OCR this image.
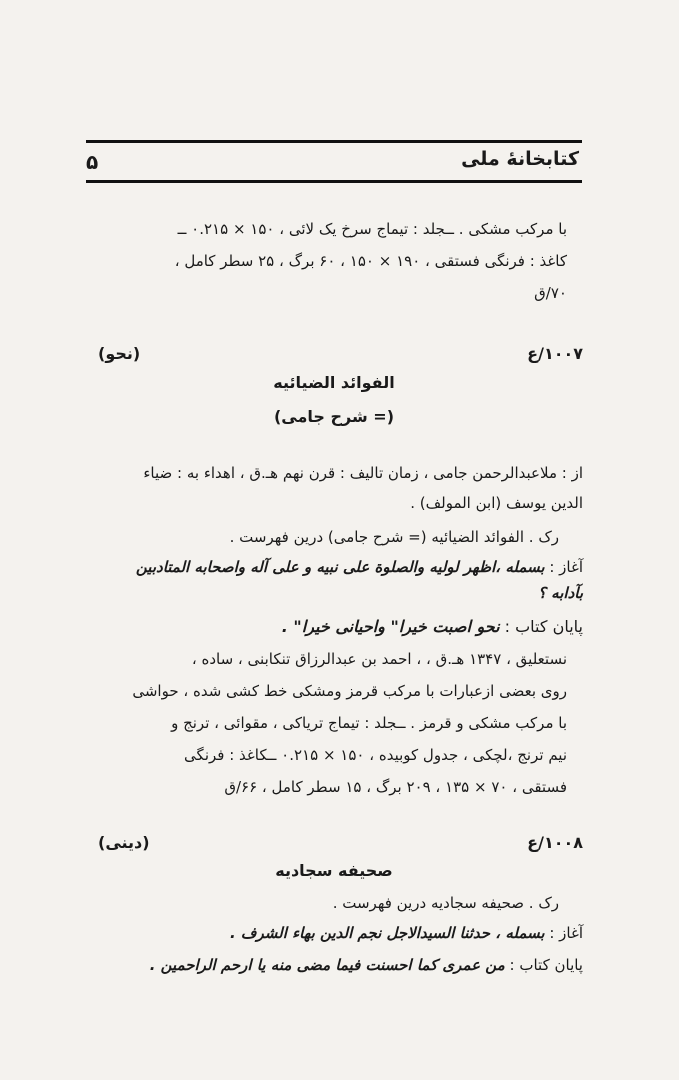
کتابخانهٔ ملی
۵
با مرکب مشکی . ــجلد : تیماج سرخ یک لائی ، ۱۵۰ × ۰.۲۱۵ ــ
کاغذ : فرنگی فستقی ، ۱۹۰ × ۱۵۰ ، ۶۰ برگ ، ۲۵ سطر کامل ،
۷۰/ق
۱۰۰۷/ع
(نحو)
الفوائد الضیائیه
(= شرح جامی)
از : ملاعبدالرحمن جامی ، زمان تالیف : قرن نهم هـ.ق ، اهداء به : ضیاء
الدین یوسف (ابن المولف) .
رک . الفوائد الضیائیه (= شرح جامی) درین فهرست .
آغاز : بسمله ،اظهر لولیه والصلوة علی نبیه و علی آله واصحابه المتادبین
بآدابه ؟
پایان کتاب : نحو اصبت خیرا" واحیانی خیرا" .
نستعلیق ، ۱۳۴۷ هـ.ق ، ، احمد بن عبدالرزاق تنکابنی ، ساده ،
روی بعضی ازعبارات با مرکب قرمز ومشکی خط کشی شده ، حواشی
با مرکب مشکی و قرمز . ــجلد : تیماج تریاکی ، مقوائی ، ترنج و
نیم ترنج ،لچکی ، جدول کوبیده ، ۱۵۰ × ۰.۲۱۵ ــکاغذ : فرنگی
فستقی ، ۷۰ × ۱۳۵ ، ۲۰۹ برگ ، ۱۵ سطر کامل ، ۶۶/ق
۱۰۰۸/ع
(دینی)
صحیفه سجادیه
رک . صحیفه سجادیه درین فهرست .
آغاز : بسمله ، حدثنا السیدالاجل نجم الدین بهاء الشرف .
پایان کتاب : من عمری کما احسنت فیما مضی منه یا ارحم الراحمین .
